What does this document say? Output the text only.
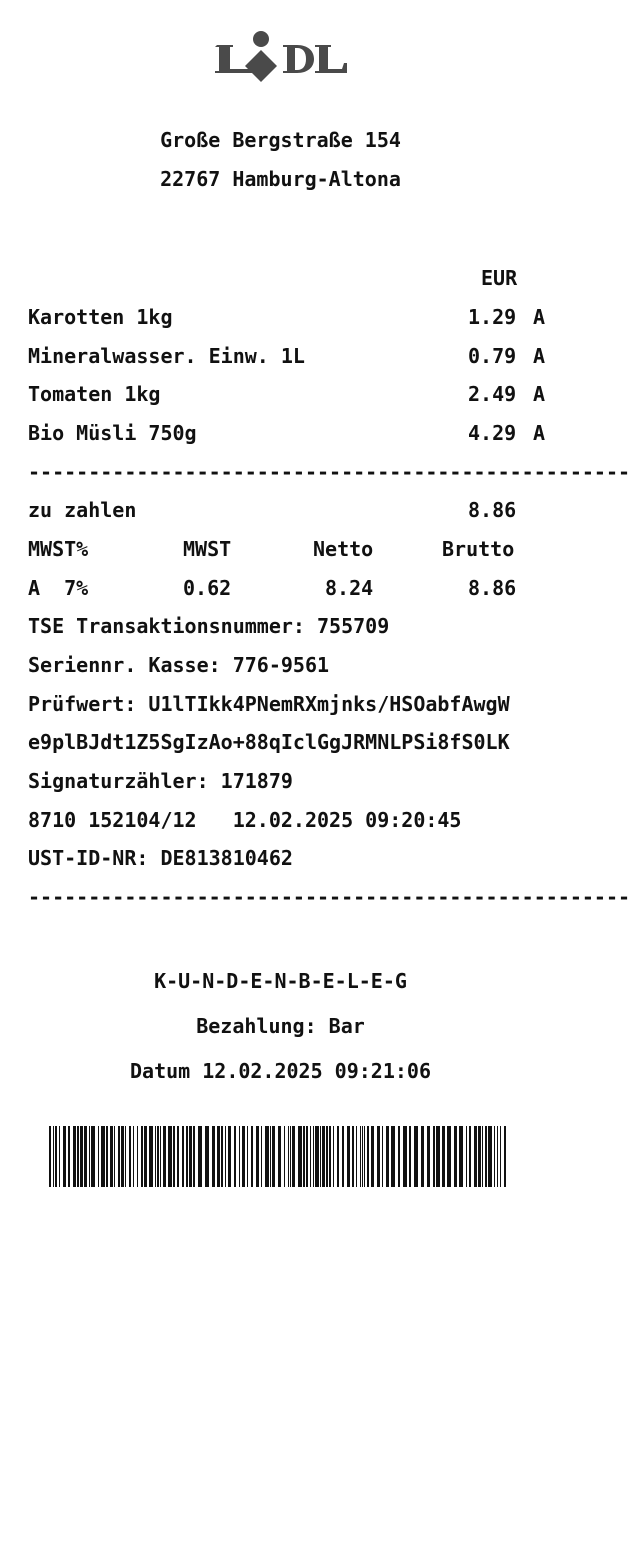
Große Bergstraße 154
22767 Hamburg-Altona
EUR
Karotten 1kg	1.29 A
Mineralwasser. Einw. 1L	0.79 A
Tomaten 1kg	2.49 A
Bio Müsli 750g	4.29 A
--------------------------------------------------
zu zahlen	8.86
MWST%	MWST	Netto	Brutto
A  7%	0.62	8.24	8.86
TSE Transaktionsnummer: 755709
Seriennr. Kasse: 776-9561
Prüfwert: U1lTIkk4PNemRXmjnks/HSOabfAwgW
e9plBJdt1Z5SgIzAo+88qIclGgJRMNLPSi8fS0LK
Signaturzähler: 171879
8710 152104/12   12.02.2025 09:20:45
UST-ID-NR: DE813810462
--------------------------------------------------
K-U-N-D-E-N-B-E-L-E-G
Bezahlung: Bar
Datum 12.02.2025 09:21:06
